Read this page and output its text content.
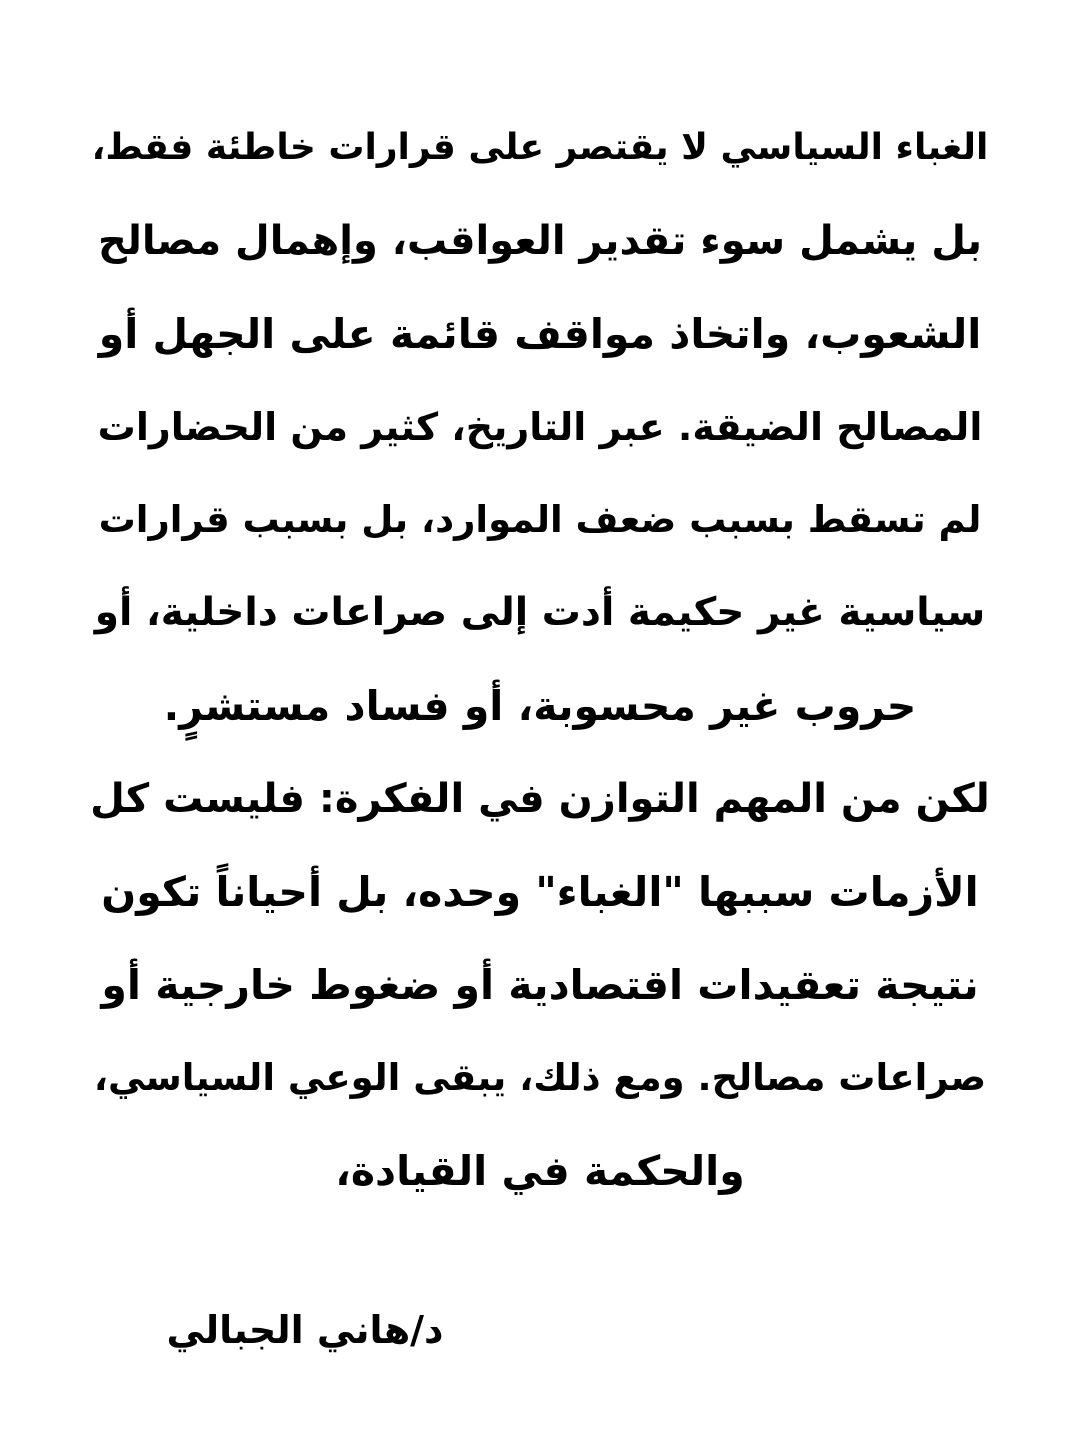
الغباء السياسي لا يقتصر على قرارات خاطئة فقط،
بل يشمل سوء تقدير العواقب، وإهمال مصالح
الشعوب، واتخاذ مواقف قائمة على الجهل أو
المصالح الضيقة. عبر التاريخ، كثير من الحضارات
لم تسقط بسبب ضعف الموارد، بل بسبب قرارات
سياسية غير حكيمة أدت إلى صراعات داخلية، أو
حروب غير محسوبة، أو فساد مستشرٍ.
لكن من المهم التوازن في الفكرة: فليست كل
الأزمات سببها "الغباء" وحده، بل أحياناً تكون
نتيجة تعقيدات اقتصادية أو ضغوط خارجية أو
صراعات مصالح. ومع ذلك، يبقى الوعي السياسي،
والحكمة في القيادة،
د/هاني الجبالي
